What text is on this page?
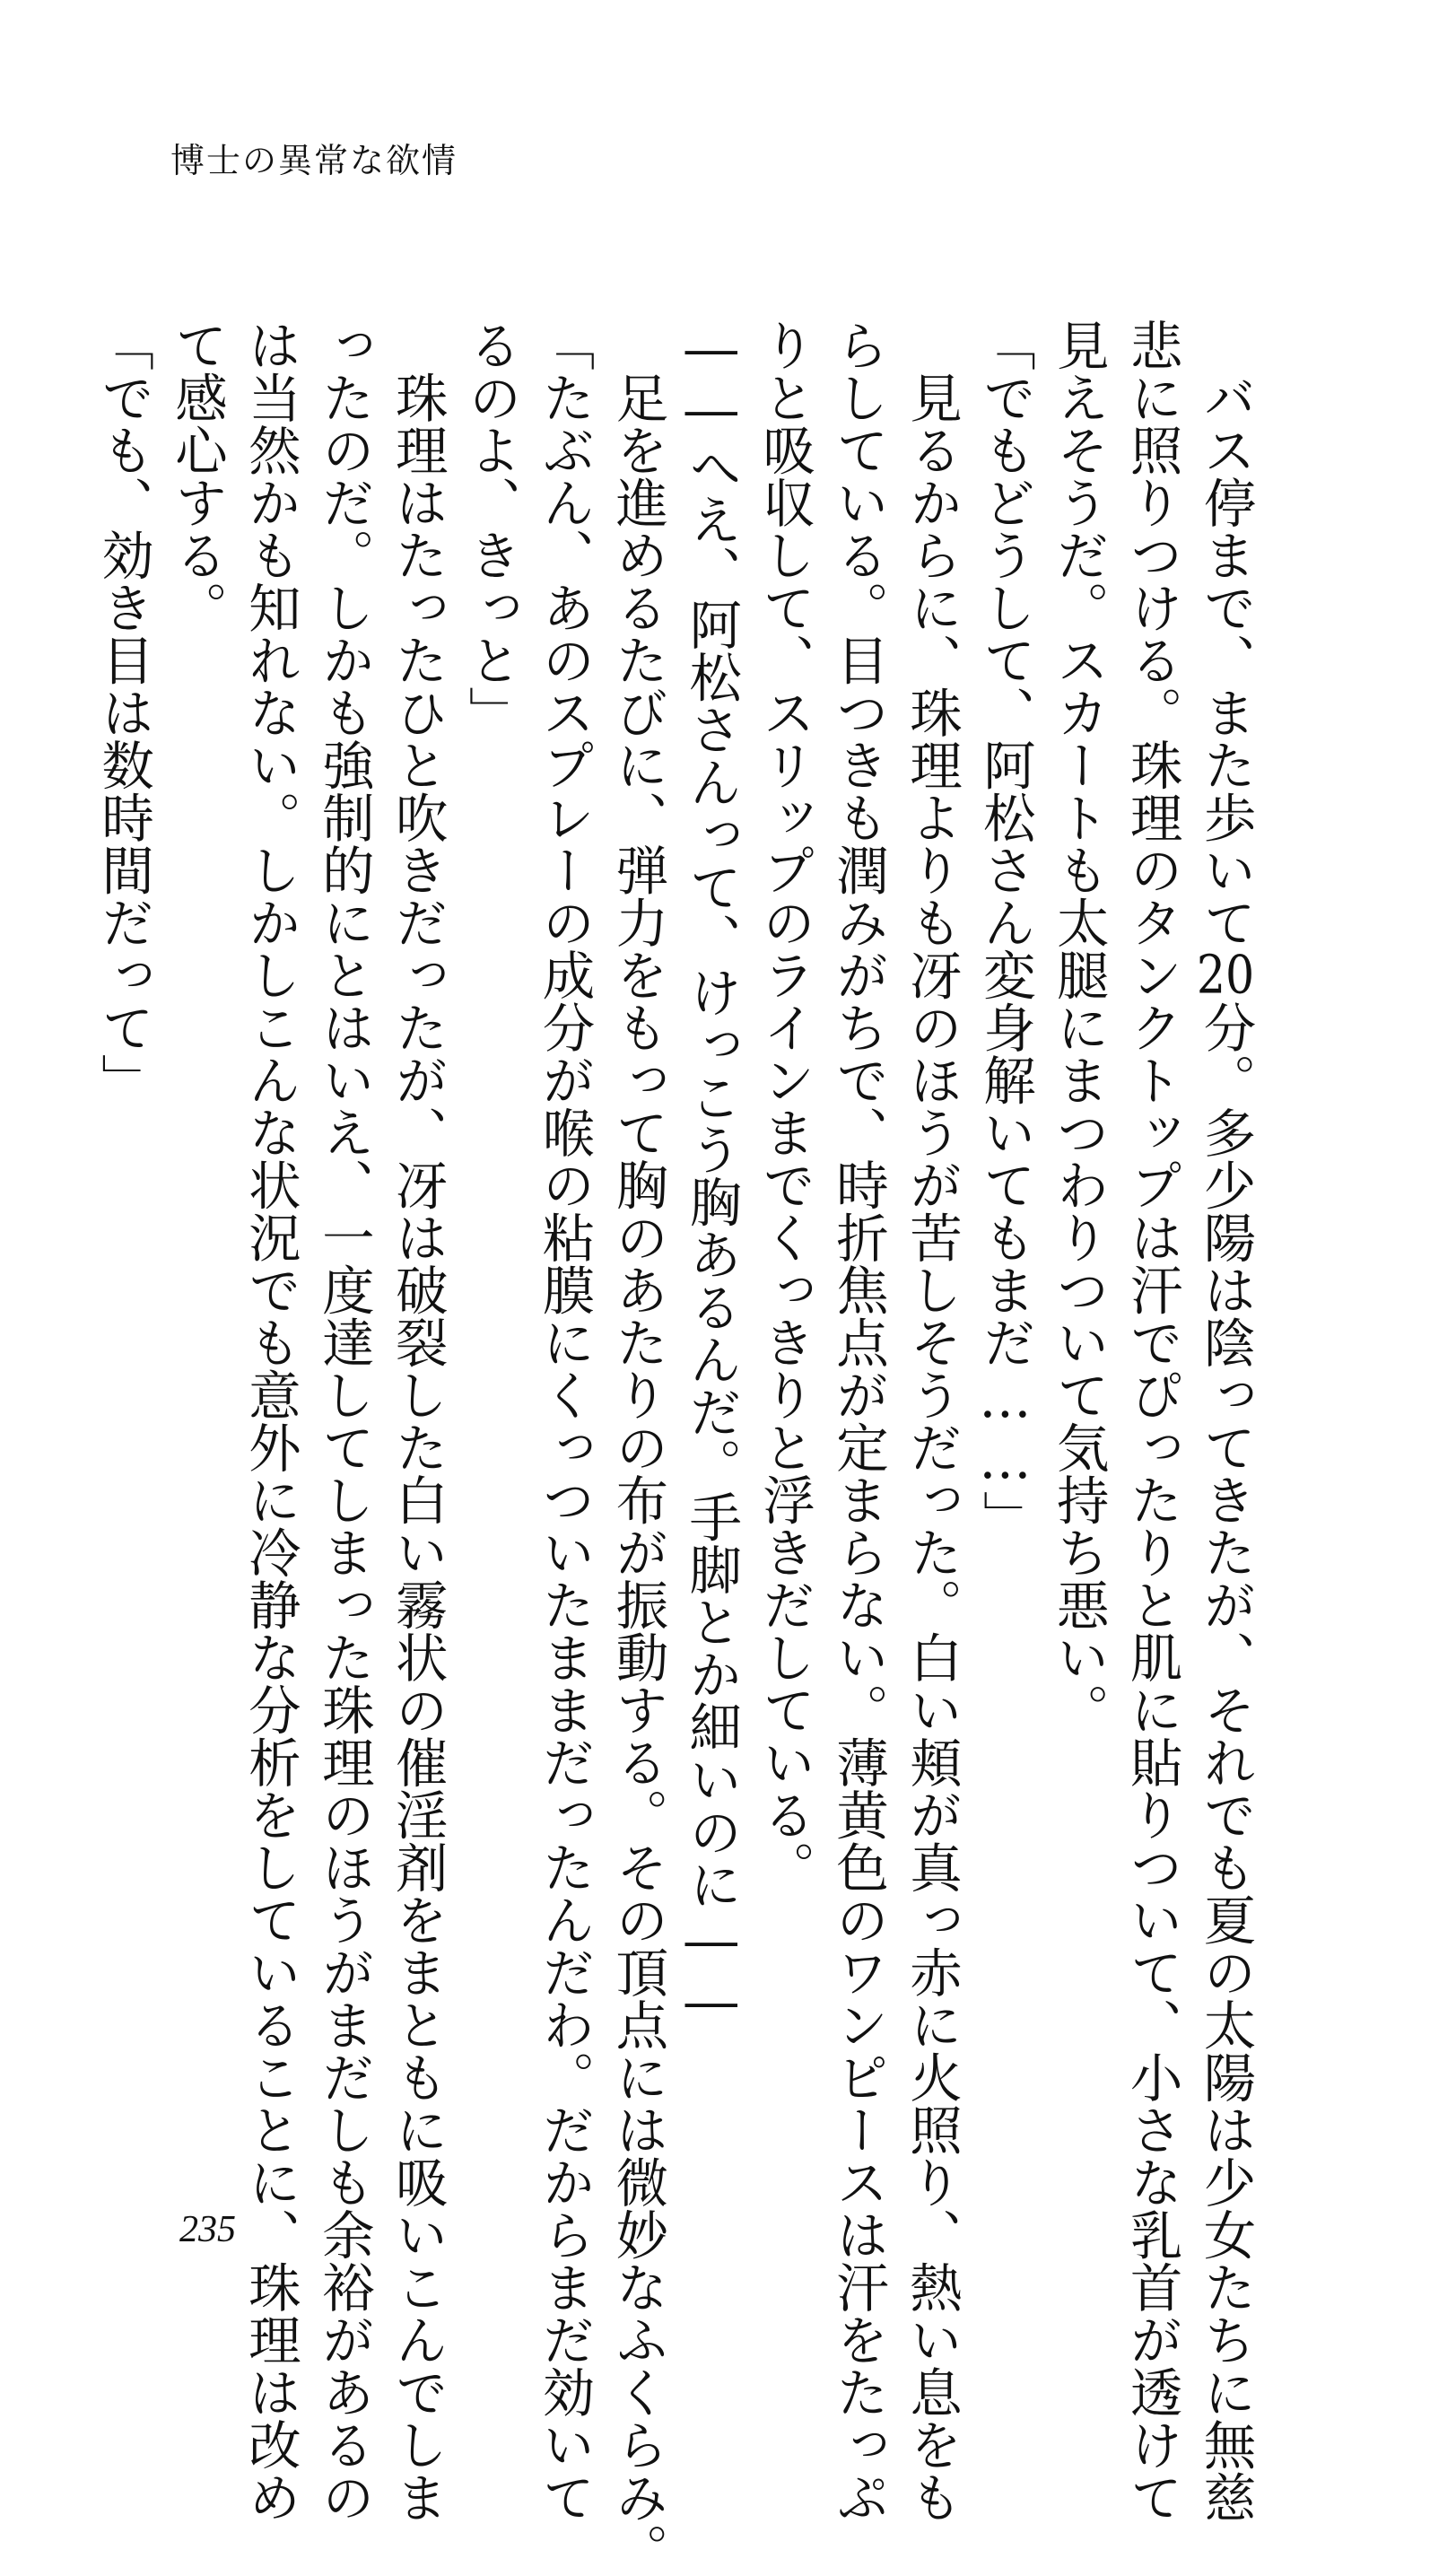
博士の異常な欲情
　バス停まで、また歩いて20分。多少陽は陰ってきたが、それでも夏の太陽は少女たちに無慈
悲に照りつける。珠理のタンクトップは汗でぴったりと肌に貼りついて、小さな乳首が透けて
見えそうだ。スカートも太腿にまつわりついて気持ち悪い。
「でもどうして、阿松さん変身解いてもまだ……」
　見るからに、珠理よりも冴のほうが苦しそうだった。白い頬が真っ赤に火照り、熱い息をも
らしている。目つきも潤みがちで、時折焦点が定まらない。薄黄色のワンピースは汗をたっぷ
りと吸収して、スリップのラインまでくっきりと浮きだしている。
――へえ、阿松さんって、けっこう胸あるんだ。手脚とか細いのに――
　足を進めるたびに、弾力をもって胸のあたりの布が振動する。その頂点には微妙なふくらみ。
「たぶん、あのスプレーの成分が喉の粘膜にくっついたままだったんだわ。だからまだ効いて
るのよ、きっと」
　珠理はたったひと吹きだったが、冴は破裂した白い霧状の催淫剤をまともに吸いこんでしま
ったのだ。しかも強制的にとはいえ、一度達してしまった珠理のほうがまだしも余裕があるの
は当然かも知れない。しかしこんな状況でも意外に冷静な分析をしていることに、珠理は改め
て感心する。
「でも、効き目は数時間だって」
235
